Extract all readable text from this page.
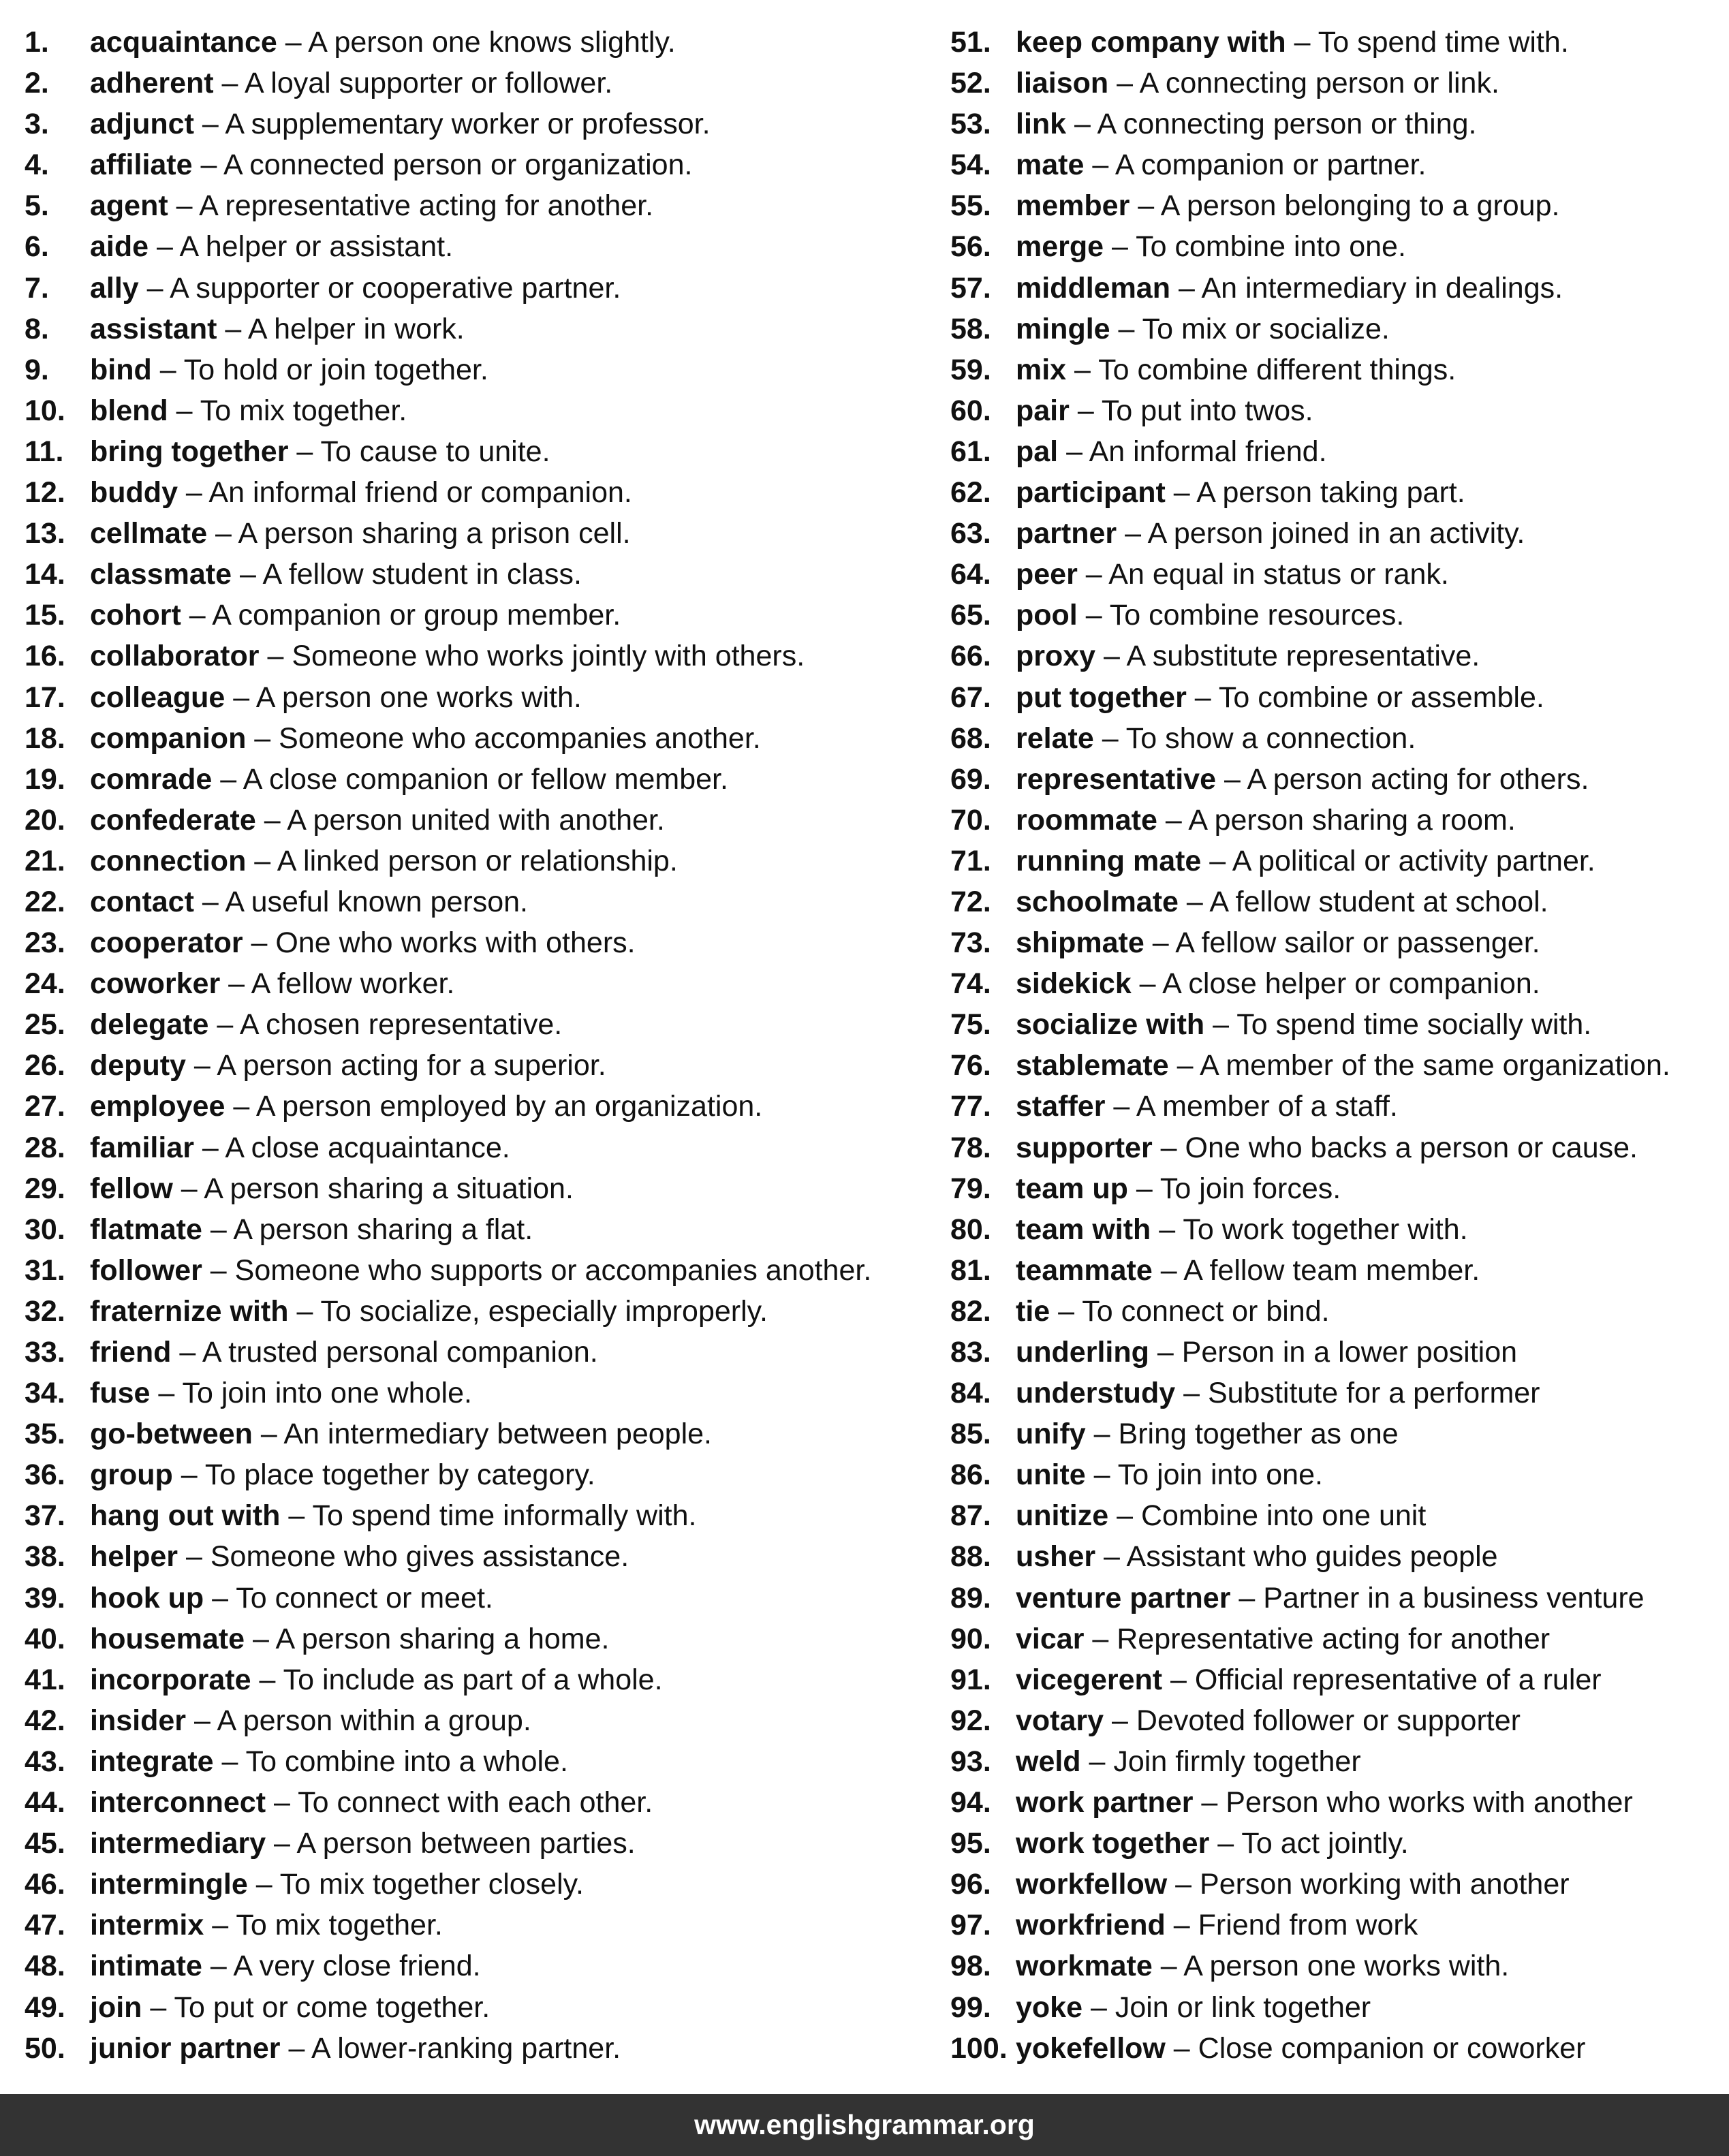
1. acquaintance – A person one knows slightly.
2. adherent – A loyal supporter or follower.
3. adjunct – A supplementary worker or professor.
4. affiliate – A connected person or organization.
5. agent – A representative acting for another.
6. aide – A helper or assistant.
7. ally – A supporter or cooperative partner.
8. assistant – A helper in work.
9. bind – To hold or join together.
10. blend – To mix together.
11. bring together – To cause to unite.
12. buddy – An informal friend or companion.
13. cellmate – A person sharing a prison cell.
14. classmate – A fellow student in class.
15. cohort – A companion or group member.
16. collaborator – Someone who works jointly with others.
17. colleague – A person one works with.
18. companion – Someone who accompanies another.
19. comrade – A close companion or fellow member.
20. confederate – A person united with another.
21. connection – A linked person or relationship.
22. contact – A useful known person.
23. cooperator – One who works with others.
24. coworker – A fellow worker.
25. delegate – A chosen representative.
26. deputy – A person acting for a superior.
27. employee – A person employed by an organization.
28. familiar – A close acquaintance.
29. fellow – A person sharing a situation.
30. flatmate – A person sharing a flat.
31. follower – Someone who supports or accompanies another.
32. fraternize with – To socialize, especially improperly.
33. friend – A trusted personal companion.
34. fuse – To join into one whole.
35. go-between – An intermediary between people.
36. group – To place together by category.
37. hang out with – To spend time informally with.
38. helper – Someone who gives assistance.
39. hook up – To connect or meet.
40. housemate – A person sharing a home.
41. incorporate – To include as part of a whole.
42. insider – A person within a group.
43. integrate – To combine into a whole.
44. interconnect – To connect with each other.
45. intermediary – A person between parties.
46. intermingle – To mix together closely.
47. intermix – To mix together.
48. intimate – A very close friend.
49. join – To put or come together.
50. junior partner – A lower-ranking partner.
51. keep company with – To spend time with.
52. liaison – A connecting person or link.
53. link – A connecting person or thing.
54. mate – A companion or partner.
55. member – A person belonging to a group.
56. merge – To combine into one.
57. middleman – An intermediary in dealings.
58. mingle – To mix or socialize.
59. mix – To combine different things.
60. pair – To put into twos.
61. pal – An informal friend.
62. participant – A person taking part.
63. partner – A person joined in an activity.
64. peer – An equal in status or rank.
65. pool – To combine resources.
66. proxy – A substitute representative.
67. put together – To combine or assemble.
68. relate – To show a connection.
69. representative – A person acting for others.
70. roommate – A person sharing a room.
71. running mate – A political or activity partner.
72. schoolmate – A fellow student at school.
73. shipmate – A fellow sailor or passenger.
74. sidekick – A close helper or companion.
75. socialize with – To spend time socially with.
76. stablemate – A member of the same organization.
77. staffer – A member of a staff.
78. supporter – One who backs a person or cause.
79. team up – To join forces.
80. team with – To work together with.
81. teammate – A fellow team member.
82. tie – To connect or bind.
83. underling – Person in a lower position
84. understudy – Substitute for a performer
85. unify – Bring together as one
86. unite – To join into one.
87. unitize – Combine into one unit
88. usher – Assistant who guides people
89. venture partner – Partner in a business venture
90. vicar – Representative acting for another
91. vicegerent – Official representative of a ruler
92. votary – Devoted follower or supporter
93. weld – Join firmly together
94. work partner – Person who works with another
95. work together – To act jointly.
96. workfellow – Person working with another
97. workfriend – Friend from work
98. workmate – A person one works with.
99. yoke – Join or link together
100. yokefellow – Close companion or coworker
www.englishgrammar.org
